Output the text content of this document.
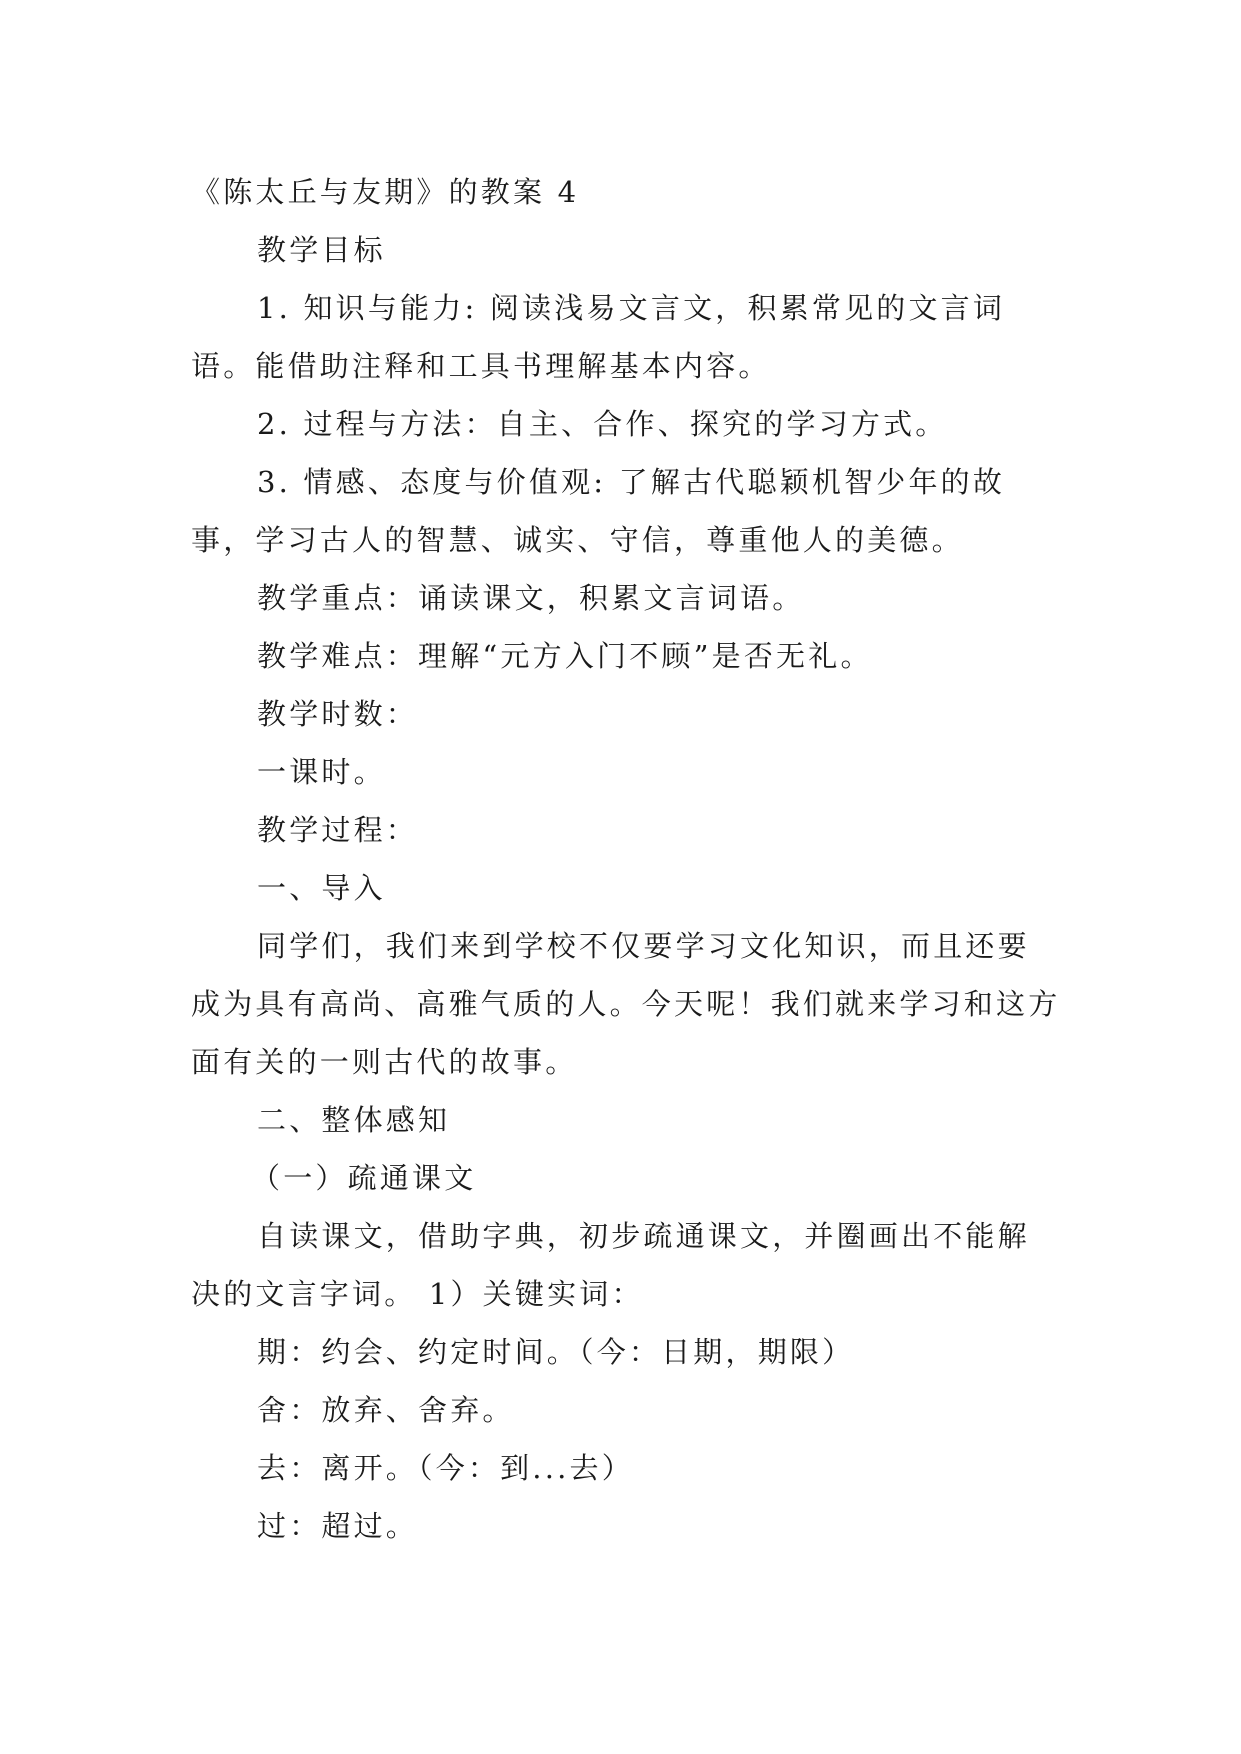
《陈太丘与友期》的教案 4
教学目标
1. 知识与能力: 阅读浅易文言文，积累常见的文言词语。能借助注释和工具书理解基本内容。
2. 过程与方法：自主、合作、探究的学习方式。
3. 情感、态度与价值观: 了解古代聪颖机智少年的故事，学习古人的智慧、诚实、守信，尊重他人的美德。
教学重点：诵读课文，积累文言词语。
教学难点：理解“元方入门不顾”是否无礼。
教学时数：
一课时。
教学过程：
一、导入
同学们，我们来到学校不仅要学习文化知识，而且还要成为具有高尚、高雅气质的人。今天呢！我们就来学习和这方面有关的一则古代的故事。
二、整体感知
（一）疏通课文
自读课文，借助字典，初步疏通课文，并圈画出不能解决的文言字词。 1）关键实词：
期：约会、约定时间。（今：日期，期限）
舍：放弃、舍弃。
去：离开。（今：到...去）
过：超过。
